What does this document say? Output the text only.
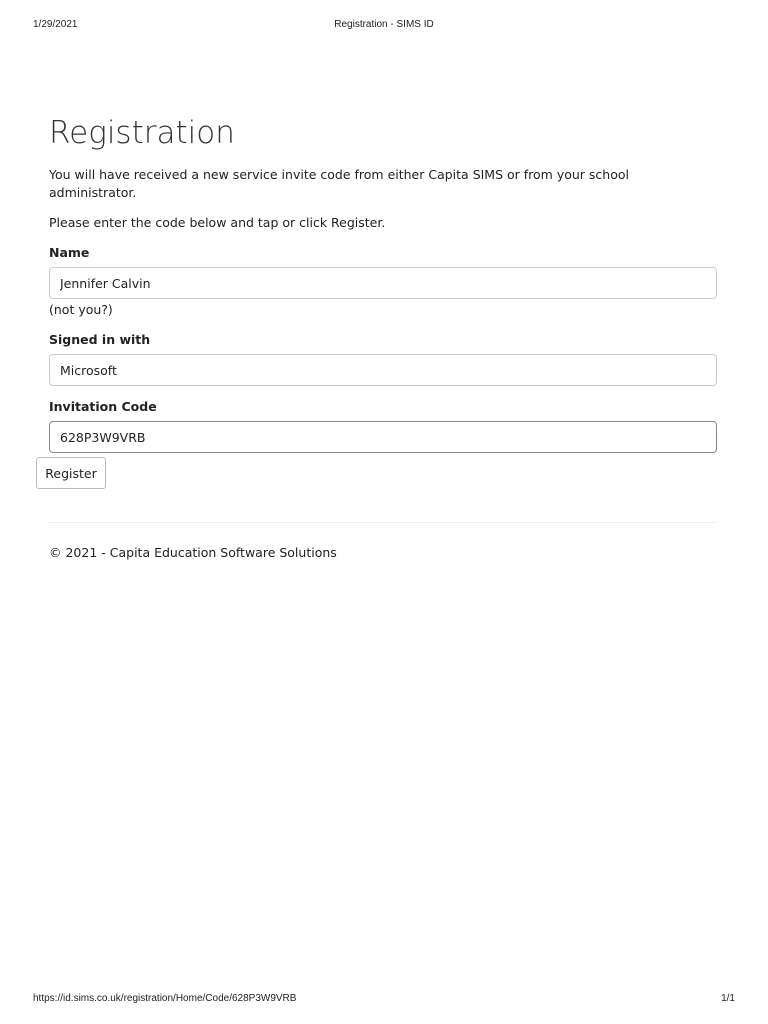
1/29/2021	Registration - SIMS ID
Registration

You will have received a new service invite code from either Capita SIMS or from your school administrator.

Please enter the code below and tap or click Register.

Name
Jennifer Calvin
(not you?)
Signed in with
Microsoft
Invitation Code
628P3W9VRB
Register
© 2021 - Capita Education Software Solutions
https://id.sims.co.uk/registration/Home/Code/628P3W9VRB	1/1
